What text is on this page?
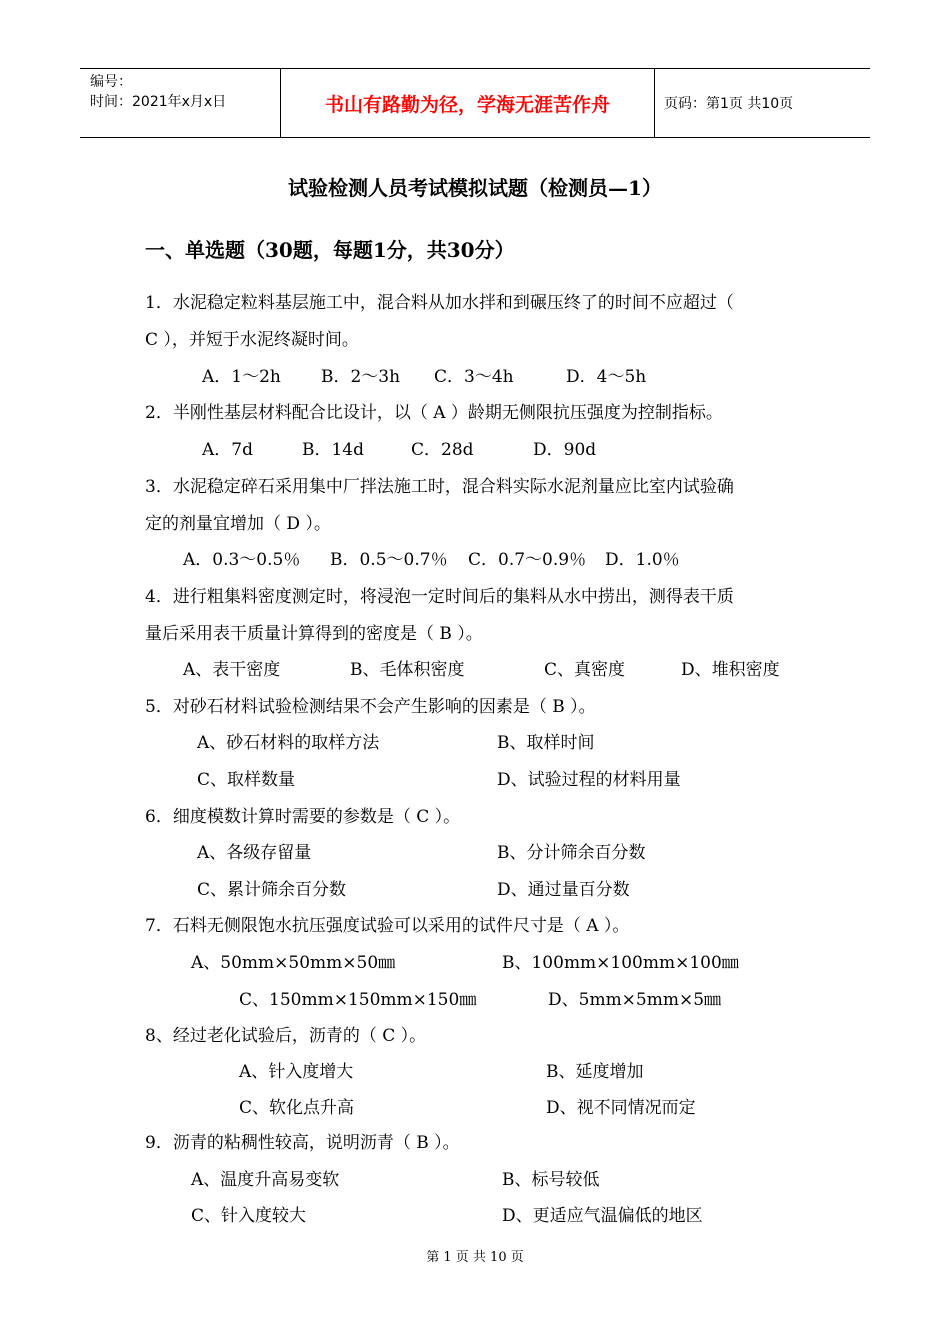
编号：
时间：2021年x月x日	书山有路勤为径，学海无涯苦作舟	页码：第1页 共10页
试验检测人员考试模拟试题（检测员—1）
一、单选题（30题，每题1分，共30分）
1．水泥稳定粒料基层施工中，混合料从加水拌和到碾压终了的时间不应超过（
C ），并短于水泥终凝时间。
A．1～2h B．2～3h C．3～4h	D．4～5h
2．半刚性基层材料配合比设计，以（ A ）龄期无侧限抗压强度为控制指标。
A．7d	B．14d	C．28d	D．90d
3．水泥稳定碎石采用集中厂拌法施工时，混合料实际水泥剂量应比室内试验确
定的剂量宜增加（ D ）。
A．0.3～0.5％ B．0.5～0.7％ C．0.7～0.9％ D．1.0％
4．进行粗集料密度测定时，将浸泡一定时间后的集料从水中捞出，测得表干质
量后采用表干质量计算得到的密度是（ B ）。
A、表干密度	B、毛体积密度	C、真密度	D、堆积密度
5．对砂石材料试验检测结果不会产生影响的因素是（ B ）。
A、砂石材料的取样方法	B、取样时间
C、取样数量	D、试验过程的材料用量
6．细度模数计算时需要的参数是（ C ）。
A、各级存留量	B、分计筛余百分数
C、累计筛余百分数	D、通过量百分数
7．石料无侧限饱水抗压强度试验可以采用的试件尺寸是（ A ）。
A、50mm×50mm×50㎜	B、100mm×100mm×100㎜
C、150mm×150mm×150㎜	D、5mm×5mm×5㎜
8、经过老化试验后，沥青的（ C ）。
A、针入度增大	B、延度增加
C、软化点升高	D、视不同情况而定
9．沥青的粘稠性较高，说明沥青（ B ）。
A、温度升高易变软	B、标号较低
C、针入度较大	D、更适应气温偏低的地区
第 1 页 共 10 页
